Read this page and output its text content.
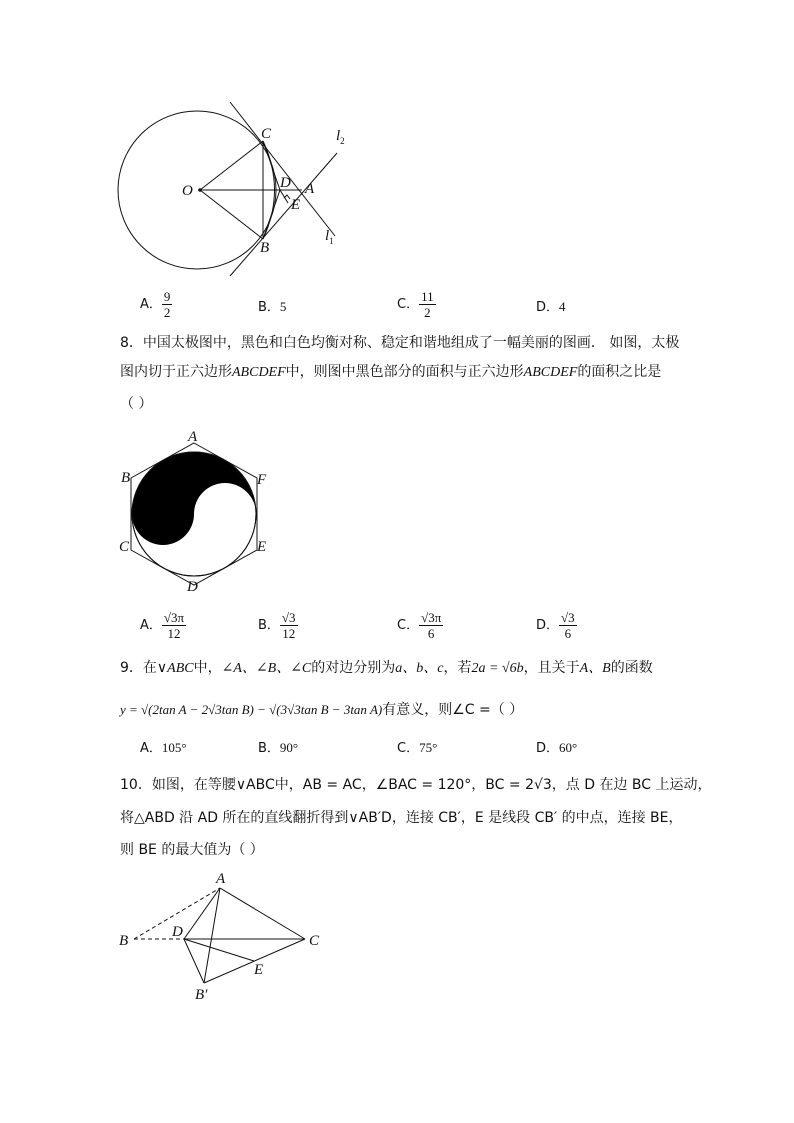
C
O	D A
E
B
$l_2$
$l_1$
A． $\frac{9}{2}$	B．5	C． $\frac{11}{2}$	D．4
8．中国太极图中，黑色和白色均衡对称、稳定和谐地组成了一幅美丽的图画． 如图，太极
图内切于正六边形ABCDEF中，则图中黑色部分的面积与正六边形ABCDEF的面积之比是
（ ）
A
B
C
D
E
F
A． $\frac{√3\pi}{12}$	B． $\frac{√3}{12}$	C． $\frac{√3\pi}{6}$	D． $\frac{√3}{6}$
9．在∨ABC中，∠A、∠B、∠C的对边分别为a、b、c，若2a = √6b，且关于A、B的函数
y = √(2tan A − 2√3tan B) − √(3√3tan B − 3tan A)有意义，则∠C =（ ）
A．105°	B．90°	C．75°	D．60°
10．如图，在等腰∨ABC中，AB = AC，∠BAC = 120°，BC = 2√3，点 D 在边 BC 上运动，
将△ABD 沿 AD 所在的直线翻折得到∨AB′D，连接 CB′，E 是线段 CB′ 的中点，连接 BE，
则 BE 的最大值为（ ）
A
B
D
C
E
B′
